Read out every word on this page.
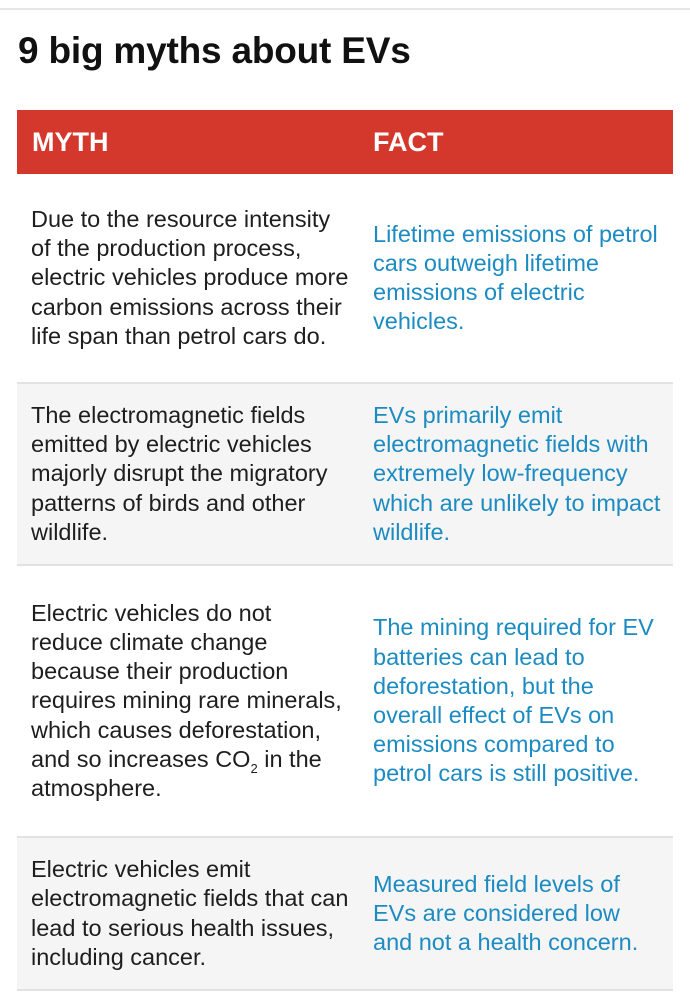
9 big myths about EVs
MYTH	FACT
Due to the resource intensity of the production process, electric vehicles produce more carbon emissions across their life span than petrol cars do.
Lifetime emissions of petrol cars outweigh lifetime emissions of electric vehicles.
The electromagnetic fields emitted by electric vehicles majorly disrupt the migratory patterns of birds and other wildlife.
EVs primarily emit electromagnetic fields with extremely low-frequency which are unlikely to impact wildlife.
Electric vehicles do not reduce climate change because their production requires mining rare minerals, which causes deforestation, and so increases $CO_2$ in the atmosphere.
The mining required for EV batteries can lead to deforestation, but the overall effect of EVs on emissions compared to petrol cars is still positive.
Electric vehicles emit electromagnetic fields that can lead to serious health issues, including cancer.
Measured field levels of EVs are considered low and not a health concern.
